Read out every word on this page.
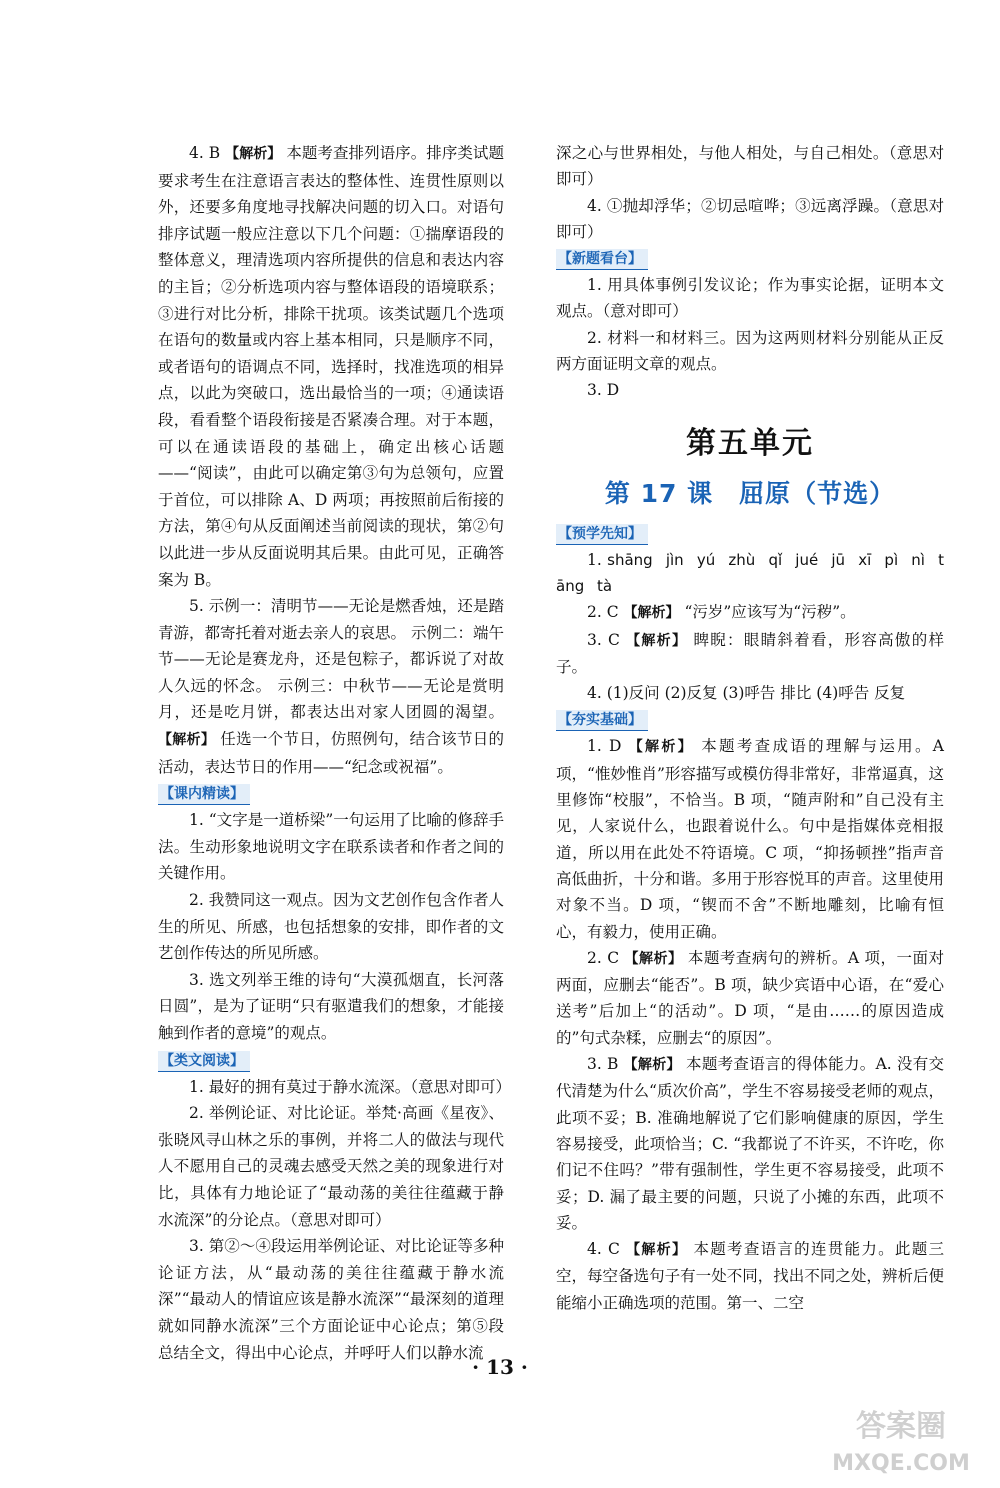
4. B 【解析】 本题考查排列语序。排序类试题要求考生在注意语言表达的整体性、连贯性原则以外，还要多角度地寻找解决问题的切入口。对语句排序试题一般应注意以下几个问题：①揣摩语段的整体意义，理清选项内容所提供的信息和表达内容的主旨；②分析选项内容与整体语段的语境联系；③进行对比分析，排除干扰项。该类试题几个选项在语句的数量或内容上基本相同，只是顺序不同，或者语句的语调点不同，选择时，找准选项的相异点，以此为突破口，选出最恰当的一项；④通读语段，看看整个语段衔接是否紧凑合理。对于本题，可以在通读语段的基础上，确定出核心话题——“阅读”，由此可以确定第③句为总领句，应置于首位，可以排除 A、D 两项；再按照前后衔接的方法，第④句从反面阐述当前阅读的现状，第②句以此进一步从反面说明其后果。由此可见，正确答案为 B。

5. 示例一：清明节——无论是燃香烛，还是踏青游，都寄托着对逝去亲人的哀思。 示例二：端午节——无论是赛龙舟，还是包粽子，都诉说了对故人久远的怀念。 示例三：中秋节——无论是赏明月，还是吃月饼，都表达出对家人团圆的渴望。 【解析】 任选一个节日，仿照例句，结合该节日的活动，表达节日的作用——“纪念或祝福”。

【课内精读】

1. “文字是一道桥梁”一句运用了比喻的修辞手法。生动形象地说明文字在联系读者和作者之间的关键作用。

2. 我赞同这一观点。因为文艺创作包含作者人生的所见、所感，也包括想象的安排，即作者的文艺创作传达的所见所感。

3. 选文列举王维的诗句“大漠孤烟直，长河落日圆”，是为了证明“只有驱遣我们的想象，才能接触到作者的意境”的观点。

【类文阅读】

1. 最好的拥有莫过于静水流深。（意思对即可）

2. 举例论证、对比论证。举梵·高画《星夜》、张晓风寻山林之乐的事例，并将二人的做法与现代人不愿用自己的灵魂去感受天然之美的现象进行对比，具体有力地论证了“最动荡的美往往蕴藏于静水流深”的分论点。（意思对即可）

3. 第②～④段运用举例论证、对比论证等多种论证方法，从“最动荡的美往往蕴藏于静水流深”“最动人的情谊应该是静水流深”“最深刻的道理就如同静水流深”三个方面论证中心论点；第⑤段总结全文，得出中心论点，并呼吁人们以静水流

深之心与世界相处，与他人相处，与自己相处。（意思对即可）

4. ①抛却浮华；②切忌喧哗；③远离浮躁。（意思对即可）

【新题看台】

1. 用具体事例引发议论；作为事实论据，证明本文观点。（意对即可）

2. 材料一和材料三。因为这两则材料分别能从正反两方面证明文章的观点。

3. D

第五单元
第 17 课　屈原（节选）
【预学先知】

1. shāng jìn yú zhù qǐ jué jū xī pì nì tāng tà

2. C 【解析】 “污岁”应该写为“污秽”。

3. C 【解析】 睥睨：眼睛斜着看，形容高傲的样子。

4. (1)反问 (2)反复 (3)呼告 排比 (4)呼告 反复

【夯实基础】

1. D 【解析】 本题考查成语的理解与运用。A 项，“惟妙惟肖”形容描写或模仿得非常好，非常逼真，这里修饰“校服”，不恰当。B 项，“随声附和”自己没有主见，人家说什么，也跟着说什么。句中是指媒体竞相报道，所以用在此处不符语境。C 项，“抑扬顿挫”指声音高低曲折，十分和谐。多用于形容悦耳的声音。这里使用对象不当。D 项，“锲而不舍”不断地雕刻，比喻有恒心，有毅力，使用正确。

2. C 【解析】 本题考查病句的辨析。A 项，一面对两面，应删去“能否”。B 项，缺少宾语中心语，在“爱心送考”后加上“的活动”。D 项，“是由……的原因造成的”句式杂糅，应删去“的原因”。

3. B 【解析】 本题考查语言的得体能力。A. 没有交代清楚为什么“质次价高”，学生不容易接受老师的观点，此项不妥；B. 准确地解说了它们影响健康的原因，学生容易接受，此项恰当；C. “我都说了不许买，不许吃，你们记不住吗？”带有强制性，学生更不容易接受，此项不妥；D. 漏了最主要的问题，只说了小摊的东西，此项不妥。

4. C 【解析】 本题考查语言的连贯能力。此题三空，每空备选句子有一处不同，找出不同之处，辨析后便能缩小正确选项的范围。第一、二空

· 13 ·
答案圈
MXQE.COM
